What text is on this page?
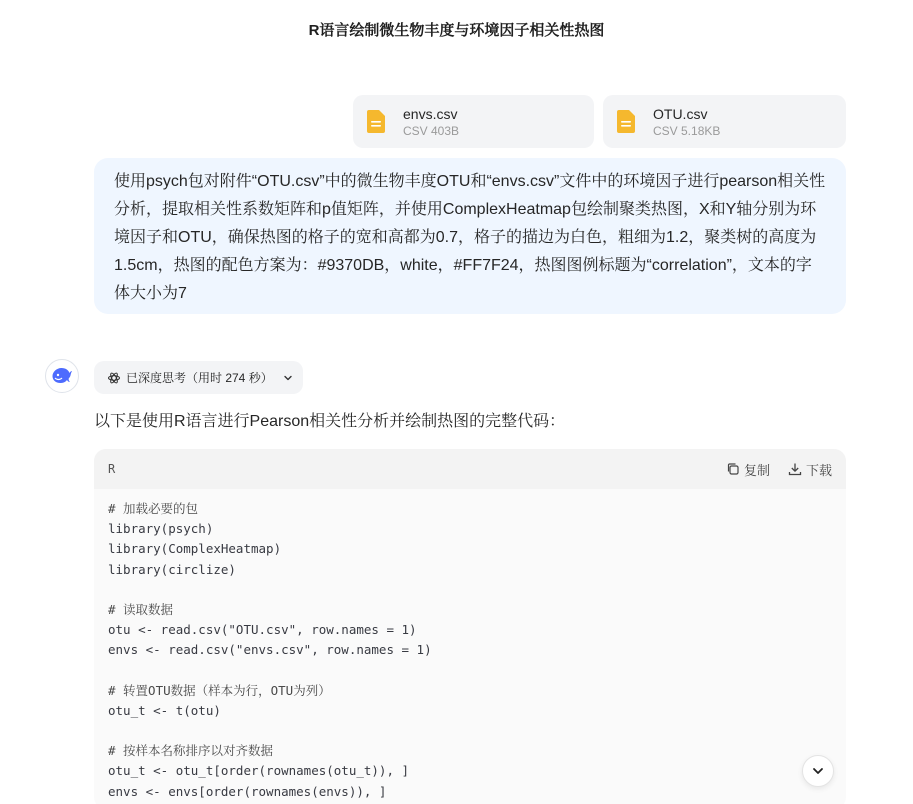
R语言绘制微生物丰度与环境因子相关性热图
envs.csv
CSV 403B
OTU.csv
CSV 5.18KB

使用psych包对附件“OTU.csv”中的微生物丰度OTU和“envs.csv”文件中的环境因子进行pearson相关性分析，提取相关性系数矩阵和p值矩阵，并使用ComplexHeatmap包绘制聚类热图，X和Y轴分别为环境因子和OTU，确保热图的格子的宽和高都为0.7，格子的描边为白色，粗细为1.2，聚类树的高度为1.5cm，热图的配色方案为：#9370DB，white，#FF7F24，热图图例标题为“correlation”，文本的字体大小为7

已深度思考（用时 274 秒）
以下是使用R语言进行Pearson相关性分析并绘制热图的完整代码：
R	复制	下载
# 加载必要的包
library(psych)
library(ComplexHeatmap)
library(circlize)
# 读取数据
otu <- read.csv("OTU.csv", row.names = 1)
envs <- read.csv("envs.csv", row.names = 1)
# 转置OTU数据（样本为行，OTU为列）
otu_t <- t(otu)
# 按样本名称排序以对齐数据
otu_t <- otu_t[order(rownames(otu_t)), ]
envs <- envs[order(rownames(envs)), ]
